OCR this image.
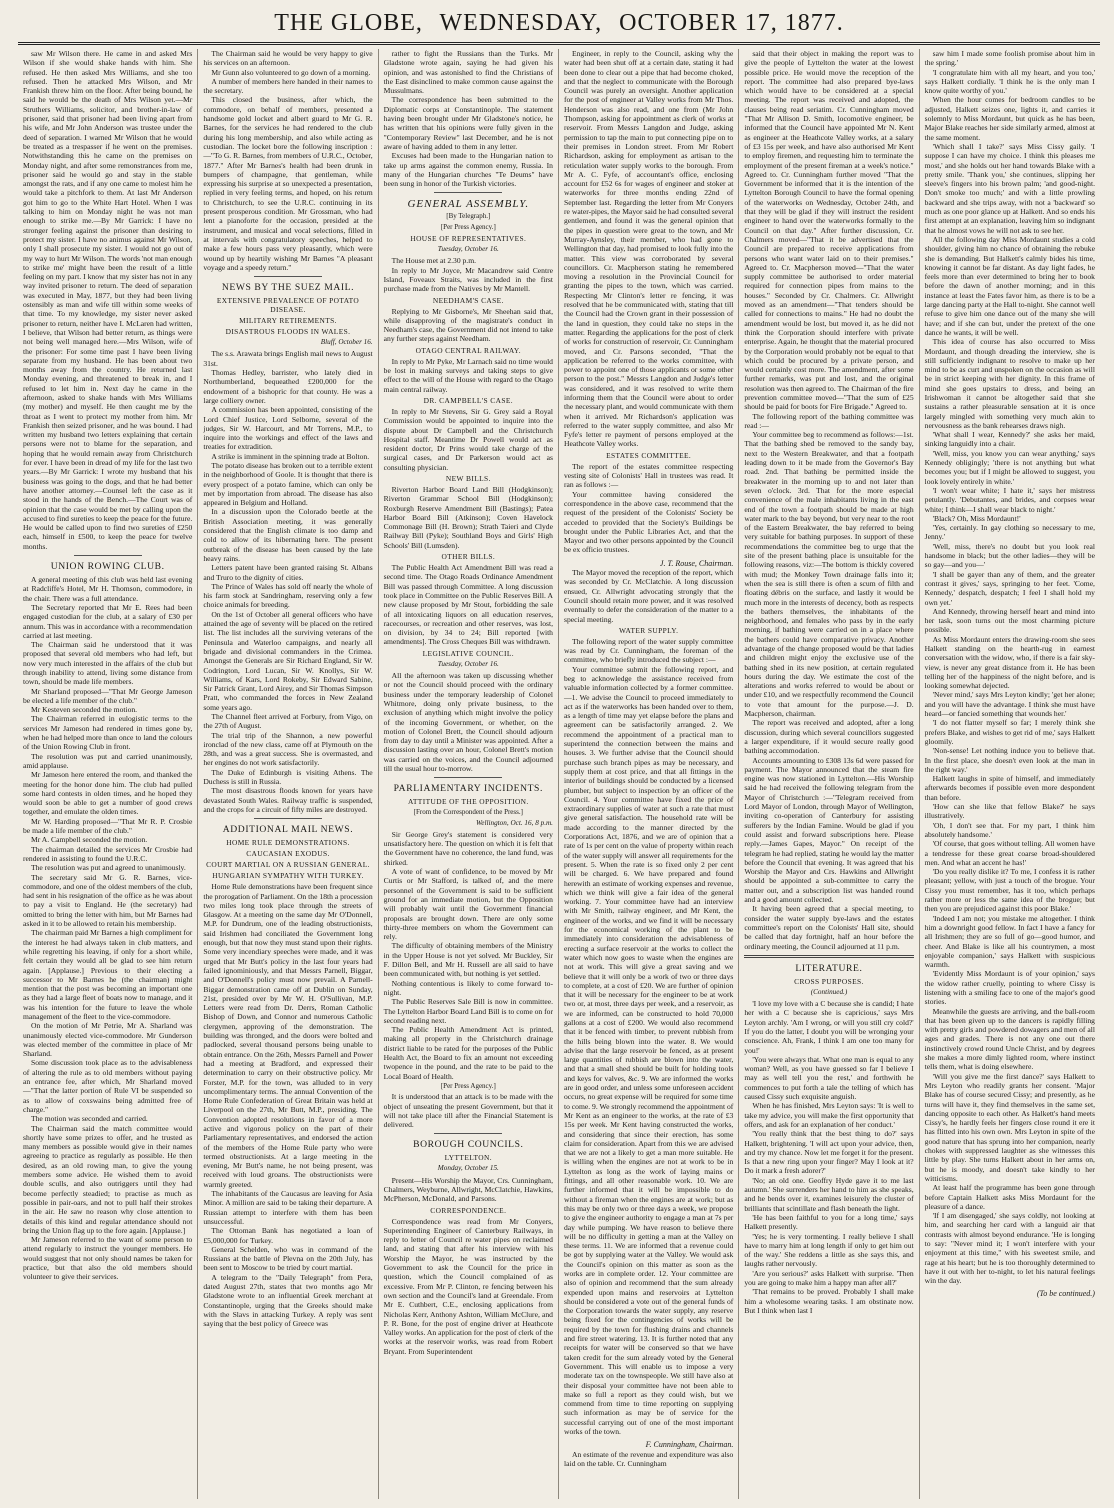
THE GLOBE, WEDNESDAY, OCTOBER 17, 1877.

saw Mr Wilson there. He came in and asked Mrs Wilson if she would shake hands with him. She refused. He then asked Mrs Williams, and she too refused. Then he attacked Mrs Wilson, and Mr Frankish threw him on the floor. After being bound, he said he would be the death of Mrs Wilson yet.—Mr Struthers Williams, solicitor, and brother-in-law of prisoner, said that prisoner had been living apart from his wife, and Mr John Anderson was trustee under the deed of separation. I warned Mr Wilson that he would be treated as a trespasser if he went on the premises. Notwithstanding this he came on the premises on Monday night, and after some remonstrances from me, prisoner said he would go and stay in the stable amongst the rats, and if any one came to molest him he would take a pitchfork to them. At last Mr Anderson got him to go to the White Hart Hotel. When I was talking to him on Monday night he was not man enough to strike me.—By Mr Garrick: I have no stronger feeling against the prisoner than desiring to protect my sister. I have no animus against Mr Wilson, only I shall prosecute my sister. I would not go out of my way to hurt Mr Wilson. The words 'not man enough to strike me' might have been the result of a little feeling on my part. I know that my sister has not in any way invited prisoner to return. The deed of separation was executed in May, 1877, but they had been living ostensibly as man and wife till within some weeks of that time. To my knowledge, my sister never asked prisoner to return, neither have I. McLaren had written, I believe, that Wilson had better return, as things were not being well managed here.—Mrs Wilson, wife of the prisoner: For some time past I have been living separate from my husband. He has been about two months away from the country. He returned last Monday evening, and threatened to break in, and I refused to let him in. Next day he came in the afternoon, asked to shake hands with Mrs Williams (my mother) and myself. He then caught me by the throat as I went to protect my mother from him. Mr Frankish then seized prisoner, and he was bound. I had written my husband two letters explaining that certain persons were not to blame for the separation, and hoping that he would remain away from Christchurch for ever. I have been in dread of my life for the last two years.—By Mr Garrick: I wrote my husband that his business was going to the dogs, and that he had better have another attorney.—Counsel left the case as it stood in the hands of the Bench.—The Court was of opinion that the case would be met by calling upon the accused to find sureties to keep the peace for the future. He would be called upon to find two sureties of £250 each, himself in £500, to keep the peace for twelve months.

UNION ROWING CLUB.

A general meeting of this club was held last evening at Radcliffe's Hotel, Mr H. Thomson, commodore, in the chair. There was a full attendance.

The Secretary reported that Mr E. Rees had been engaged custodian for the club, at a salary of £30 per annum. This was in accordance with a recommendation carried at last meeting.

The Chairman said he understood that it was proposed that several old members who had left, but now very much interested in the affairs of the club but through inability to attend, living some distance from town, should be made life members.

Mr Sharland proposed—"That Mr George Jameson be elected a life member of the club."

Mr Kesteven seconded the motion.

The Chairman referred in eulogistic terms to the services Mr Jameson had rendered in times gone by, when he had helped more than once to land the colours of the Union Rowing Club in front.

The resolution was put and carried unanimously, amid applause.

Mr Jameson here entered the room, and thanked the meeting for the honor done him. The club had pulled some hard contests in olden times, and he hoped they would soon be able to get a number of good crews together, and emulate the olden times.

Mr W. Harding proposed—"That Mr R. P. Crosbie be made a life member of the club."

Mr A. Campbell seconded the motion.

The chairman detailed the services Mr Crosbie had rendered in assisting to found the U.R.C.

The resolution was put and agreed to unanimously.

The secretary said Mr G. R. Barnes, vice-commodore, and one of the oldest members of the club, had sent in his resignation of the office as he was about to pay a visit to England. He (the secretary) had omitted to bring the letter with him, but Mr Barnes had asked in it to be allowed to retain his membership.

The chairman paid Mr Barnes a high compliment for the interest he had always taken in club matters, and while regretting his leaving, if only for a short while, felt certain they would all be glad to see him return again. [Applause.] Previous to their electing a successor to Mr Barnes he (the chairman) might mention that the post was becoming an important one as they had a large fleet of boats now to manage, and it was his intention for the future to leave the whole management of the fleet to the vice-commodore.

On the motion of Mr Petrie, Mr A. Sharland was unanimously elected vice-commodore. Mr Gunderson was elected member of the committee in place of Mr Sharland.

Some discussion took place as to the advisableness of altering the rule as to old members without paying an entrance fee, after which, Mr Sharland moved—"That the latter portion of Rule VI be suspended so as to allow of coxswains being admitted free of charge."

The motion was seconded and carried.

The Chairman said the match committee would shortly have some prizes to offer, and he trusted as many members as possible would give in their names agreeing to practice as regularly as possible. He then desired, as an old rowing man, to give the young members some advice. He wished them to avoid double sculls, and also outriggers until they had become perfectly steadied; to practise as much as possible in pair-oars, and not to pull half their strokes in the air. He saw no reason why close attention to details of this kind and regular attendance should not bring the Union flag up to the fore again. [Applause.]

Mr Jameson referred to the want of some person to attend regularly to instruct the younger members. He would suggest that not only should names be taken for practice, but that also the old members should volunteer to give their services.

The Chairman said he would be very happy to give his services on an afternoon.

Mr Gunn also volunteered to go down of a morning.

A number of members here handed in their names to the secretary.

This closed the business, after which, the commodore, on behalf of members, presented a handsome gold locket and albert guard to Mr G. R. Barnes, for the services he had rendered to the club during his long membership, and also while acting as custodian. The locket bore the following inscription :—"To G. R. Barnes, from members of U.R.C., October, 1877." After Mr Barnes's health had been drunk in bumpers of champagne, that gentleman, while expressing his surprise at so unexpected a presentation, replied in very feeling terms, and hoped, on his return to Christchurch, to see the U.R.C. continuing in its present prosperous condition. Mr Grossman, who had lent a pianoforte for the occasion, presided at the instrument, and musical and vocal selections, filled in at intervals with congratulatory speeches, helped to make a few hours pass very pleasantly, which were wound up by heartily wishing Mr Barnes "A pleasant voyage and a speedy return."

NEWS BY THE SUEZ MAIL.
EXTENSIVE PREVALENCE OF POTATO DISEASE.
MILITARY RETIREMENTS.
DISASTROUS FLOODS IN WALES.
Bluff, October 16.

The s.s. Arawata brings English mail news to August 31st.

Thomas Hedley, barrister, who lately died in Northumberland, bequeathed £200,000 for the endowment of a bishopric for that county. He was a large colliery owner.

A commission has been appointed, consisting of the Lord Chief Justice, Lord Selborne, several of the judges, Sir W. Harcourt, and Mr Torrens, M.P., to inquire into the workings and effect of the laws and treaties for extradition.

A strike is imminent in the spinning trade at Bolton.

The potato disease has broken out to a terrible extent in the neighborhood of Goole. It is thought that there is every prospect of a potato famine, which can only be met by importation from abroad. The disease has also appeared in Belgium and Holland.

In a discussion upon the Colorado beetle at the British Association meeting, it was generally considered that the English climate is too damp and cold to allow of its hibernating here. The present outbreak of the disease has been caused by the late heavy rains.

Letters patent have been granted raising St. Albans and Truro to the dignity of cities.

The Prince of Wales has sold off nearly the whole of his farm stock at Sandringham, reserving only a few choice animals for breeding.

On the 1st of October all general officers who have attained the age of seventy will be placed on the retired list. The list includes all the surviving veterans of the Peninsula and Waterloo campaigns, and nearly all brigade and divisional commanders in the Crimea. Amongst the Generals are Sir Richard England, Sir W. Codrington, Lord Lucan, Sir W. Knollys, Sir W. Williams, of Kars, Lord Rokeby, Sir Edward Sabine, Sir Patrick Grant, Lord Airey, and Sir Thomas Simpson Pratt, who commanded the forces in New Zealand some years ago.

The Channel fleet arrived at Forbury, from Vigo, on the 27th of August.

The trial trip of the Shannon, a new powerful ironclad of the new class, came off at Plymouth on the 28th, and was a great success. She is overmasted, and her engines do not work satisfactorily.

The Duke of Edinburgh is visiting Athens. The Duchess is still in Russia.

The most disastrous floods known for years have devastated South Wales. Railway traffic is suspended, and the crops for a circuit of fifty miles are destroyed.

ADDITIONAL MAIL NEWS.
HOME RULE DEMONSTRATIONS.
CAUCASIAN EXODUS.
COURT MARTIAL ON A RUSSIAN GENERAL.
HUNGARIAN SYMPATHY WITH TURKEY.

Home Rule demonstrations have been frequent since the prorogation of Parliament. On the 18th a procession two miles long took place through the streets of Glasgow. At a meeting on the same day Mr O'Donnell, M.P. for Dundrum, one of the leading obstructionists, said Irishmen had conciliated the Government long enough, but that now they must stand upon their rights. Some very incendiary speeches were made, and it was urged that Mr Butt's policy in the last four years had failed ignominiously, and that Messrs Parnell, Biggar, and O'Donnell's policy must now prevail. A Parnell-Biggar demonstration came off at Dublin on Sunday, 21st, presided over by Mr W. H. O'Sullivan, M.P. Letters were read from Dr. Derrs, Roman Catholic Bishop of Down, and Connor and numerous Catholic clergymen, approving of the demonstration. The building was thronged, and the doors were bolted and padlocked, several thousand persons being unable to obtain entrance. On the 26th, Messrs Parnell and Power had a meeting at Bradford, and expressed their determination to carry on their obstructive policy. Mr Forster, M.P. for the town, was alluded to in very uncomplimentary terms. The annual Convention of the Home Rule Confederation of Great Britain was held at Liverpool on the 27th, Mr Butt, M.P., presiding. The Convention adopted resolutions in favor of a more active and vigorous policy on the part of their Parliamentary representatives, and endorsed the action of the members of the Home Rule party who were termed obstructionists. At a large meeting in the evening, Mr Butt's name, he not being present, was received with loud groans. The obstructionists were warmly greeted.

The inhabitants of the Caucasus are leaving for Asia Minor. A million are said to be taking their departure. A Russian attempt to interfere with them has been unsuccessful.

The Ottoman Bank has negotiated a loan of £5,000,000 for Turkey.

General Schelden, who was in command of the Russians at the battle of Plevna on the 20th July, has been sent to Moscow to be tried by court martial.

A telegram to the "Daily Telegraph" from Pera, dated August 27th, states that two months ago Mr Gladstone wrote to an influential Greek merchant at Constantinople, urging that the Greeks should make with the Slavs in attacking Turkey. A reply was sent saying that the best policy of Greece was

rather to fight the Russians than the Turks. Mr Gladstone wrote again, saying he had given his opinion, and was astonished to find the Christians of the East disinclined to make common cause against the Mussulmans.

The correspondence has been submitted to the Diplomatic corps at Constantinople. The statement having been brought under Mr Gladstone's notice, he has written that his opinions were fully given in the "Contemporary Review" last December, and he is not aware of having added to them in any letter.

Excuses had been made to the Hungarian nation to take up arms against the common enemy, Russia. In many of the Hungarian churches "Te Deums" have been sung in honor of the Turkish victories.

GENERAL ASSEMBLY.
[By Telegraph.]
[Per Press Agency.]
HOUSE OF REPRESENTATIVES.
Tuesday, October 16.

The House met at 2.30 p.m.

In reply to Mr Joyce, Mr Macandrew said Centre Island, Foveaux Straits, was included in the first purchase made from the Natives by Mr Mantell.

NEEDHAM'S CASE.

Replying to Mr Gisborne's, Mr Sheehan said that, while disapproving of the magistrate's conduct in Needham's case, the Government did not intend to take any further steps against Needham.

OTAGO CENTRAL RAILWAY.

In reply to Mr Pyke, Mr Larnach said no time would be lost in making surveys and taking steps to give effect to the will of the House with regard to the Otago main central railway.

DR. CAMPBELL'S CASE.

In reply to Mr Stevens, Sir G. Grey said a Royal Commission would be appointed to inquire into the dispute about Dr Campbell and the Christchurch Hospital staff. Meantime Dr Powell would act as resident doctor, Dr Prins would take charge of the surgical cases, and Dr Parkerson would act as consulting physician.

NEW BILLS.

Riverton Harbor Board Land Bill (Hodgkinson); Riverton Grammar School Bill (Hodgkinson); Roxburgh Reserve Amendment Bill (Bastings); Patea Harbor Board Bill (Atkinson); Coven Havelock Commonage Bill (H. Brown); Strath Taieri and Clyde Railway Bill (Pyke); Southland Boys and Girls' High Schools' Bill (Lumsden).

OTHER BILLS.

The Public Health Act Amendment Bill was read a second time. The Otago Roads Ordinance Amendment Bill was passed through Committee. A long discussion took place in Committee on the Public Reserves Bill. A new clause proposed by Mr Stout, forbidding the sale of all intoxicating liquors on all education reserves, racecourses, or recreation and other reserves, was lost, on division, by 34 to 24; Bill reported [with amendments]. The Cross Cheques Bill was withdrawn.

LEGISLATIVE COUNCIL.
Tuesday, October 16.

All the afternoon was taken up discussing whether or not the Council should proceed with the ordinary business under the temporary leadership of Colonel Whitmore, doing only private business, to the exclusion of anything which might involve the policy of the incoming Government, or whether, on the motion of Colonel Brett, the Council should adjourn from day to day until a Minister was appointed. After a discussion lasting over an hour, Colonel Brett's motion was carried on the voices, and the Council adjourned till the usual hour to-morrow.

PARLIAMENTARY INCIDENTS.
ATTITUDE OF THE OPPOSITION.
[From the Correspondent of the Press.]
Wellington, Oct. 16, 8 p.m.

Sir George Grey's statement is considered very unsatisfactory here. The question on which it is felt that the Government have no coherence, the land fund, was shirked.

A vote of want of confidence, to be moved by Mr Curtis or Mr Stafford, is talked of, and the mere personnel of the Government is said to be sufficient ground for an immediate motion, but the Opposition will probably wait until the Government financial proposals are brought down. There are only some thirty-three members on whom the Government can rely.

The difficulty of obtaining members of the Ministry in the Upper House is not yet solved. Mr Buckley, Sir F. Dillon Bell, and Mr H. Russell are all said to have been communicated with, but nothing is yet settled.

Nothing contentious is likely to come forward to-night.

The Public Reserves Sale Bill is now in committee. The Lyttelton Harbor Board Land Bill is to come on for second reading next.

The Public Health Amendment Act is printed, making all property in the Christchurch drainage district liable to be rated for the purposes of the Public Health Act, the Board to fix an amount not exceeding twopence in the pound, and the rate to be paid to the Local Board of Health.

[Per Press Agency.]

It is understood that an attack is to be made with the object of unseating the present Government, but that it will not take place till after the Financial Statement is delivered.

BOROUGH COUNCILS.
LYTTELTON.
Monday, October 15.

Present—His Worship the Mayor, Crs. Cunningham, Chalmers, Weyburne, Allwright, McClatchie, Hawkins, McPherson, McDonald, and Parsons.

CORRESPONDENCE.

Correspondence was read from Mr Conyers, Superintending Engineer of Canterbury Railways, in reply to letter of Council re water pipes on reclaimed land, and stating that after his interview with his Worship the Mayor, he was instructed by the Government to ask the Council for the price in question, which the Council complained of as excessive. From Mr P. Clinton, re fencing between his own section and the Council's land at Greendale. From Mr E. Cuthbert, C.E., enclosing applications from Nicholas Kerr, Anthony Ashton, William McClure, and P. R. Bone, for the post of engine driver at Heathcote Valley works. An application for the post of clerk of the works at the reservoir works, was read from Robert Bryant. From Superintendent

Engineer, in reply to the Council, asking why the water had been shut off at a certain date, stating it had been done to clear out a pipe that had become choked, and that the neglect to communicate with the Borough Council was purely an oversight. Another application for the post of engineer at Valley works from Mr Thos. Henderson was also read, and one from (Mr John Thompson, asking for appointment as clerk of works at reservoir. From Messrs Langdon and Judge, asking permission to tap the main to put connecting pipe on to their premises in London street. From Mr Robert Richardson, asking for employment as artisan to the reticulation water supply works to the borough. From Mr A. C. Fyfe, of accountant's office, enclosing account for £52 6s for wages of engineer and stoker at waterworks for three months ending 22nd of September last. Regarding the letter from Mr Conyers re water-pipes, the Mayor said he had consulted several gentlemen, and found it was the general opinion that the pipes in question were great to the town, and Mr Murray-Aynsley, their member, who had gone to Wellington that day, had promised to look fully into the matter. This view was corroborated by several councillors. Cr. Macpherson stating he remembered moving a resolution in the Provincial Council for granting the pipes to the town, which was carried. Respecting Mr Clinton's letter re fencing, it was resolved that he be communicated with, stating that till the Council had the Crown grant in their possession of the land in question, they could take no steps in the matter. Regarding the applications for the post of clerk of works for construction of reservoir, Cr. Cunningham moved, and Cr. Parsons seconded, "That the application be referred to the works committee, with power to appoint one of those applicants or some other person to the post." Messrs Langdon and Judge's letter was considered, and it was resolved to write them informing them that the Council were about to order the necessary plant, and would communicate with them when it arrived. Mr Richardson's application was referred to the water supply committee, and also Mr Fyfe's letter re payment of persons employed at the Heathcote Valley works.

ESTATES COMMITTEE.

The report of the estates committee respecting vesting site of Colonists' Hall in trustees was read. It ran as follows :—

Your committee having considered the correspondence in the above case, recommend that the request of the president of the Colonists' Society be acceded to provided that the Society's Buildings be brought under the Public Libraries Act, and that the Mayor and two other persons appointed by the Council be ex officio trustees.

J. T. Rouse, Chairman.

The Mayor moved the reception of the report, which was seconded by Cr. McClatchie. A long discussion ensued, Cr. Allwright advocating strongly that the Council should retain more power, and it was resolved eventually to defer the consideration of the matter to a special meeting.

WATER SUPPLY.

The following report of the water supply committee was read by Cr. Cunningham, the foreman of the committee, who briefly introduced the subject :—

Your committee submit the following report, and beg to acknowledge the assistance received from valuable information collected by a former committee.—1. We advise the Council to proceed immediately to act as if the waterworks has been handed over to them, as a length of time may yet elapse before the plans and agreement can be satisfactorily arranged. 2. We recommend the appointment of a practical man to superintend the connection between the mains and houses. 3. We further advise that the Council should purchase such branch pipes as may be necessary, and supply them at cost price, and that all fittings in the interior of buildings should be conducted by a licensed plumber, but subject to inspection by an officer of the Council. 4. Your committee have fixed the price of extraordinary supplies of water at such a rate that must give general satisfaction. The household rate will be made according to the manner directed by the Corporations Act, 1876, and we are of opinion that a rate of 1s per cent on the value of property within reach of the water supply will answer all requirements for the present. 5. When the rate is so fixed only 2 per cent will be charged. 6. We have prepared and found herewith an estimate of working expenses and revenue, which we think will give a fair idea of the general working. 7. Your committee have had an interview with Mr Smith, railway engineer, and Mr Kent, the engineer of the works, and we find it will be necessary for the economical working of the plant to be immediately into consideration the advisableness of erecting a surface reservoir at the works to collect the water which now goes to waste when the engines are not at work. This will give a great saving and we believe that it will only be a work of two or three days to complete, at a cost of £20. We are further of opinion that it will be necessary for the engineer to be at work two or, at most, three days per week, and a reservoir, as we are informed, can be constructed to hold 70,000 gallons at a cost of £200. We would also recommend that it be fenced with timber, to prevent rubbish from the hills being blown into the water. 8. We would advise that the large reservoir be fenced, as at present large quantities of rubbish are blown into the water, and that a small shed should be built for holding tools and keys for valves, &c. 9. We are informed the works are in good order, and unless some unforeseen accident occurs, no great expense will be required for some time to come. 9. We strongly recommend the appointment of Mr Kent as an engineer to the works, at the rate of £3 15s per week. Mr Kent having constructed the works, and considering that since their erection, has some claim for consideration. Apart from this we are advised that we are not a likely to get a man more suitable. He is willing when the engines are not at work to be in Lyttelton as long as the work of laying mains or fittings, and all other reasonable work. 10. We are further informed that it will be impossible to do without a fireman when the engines are at work; but as this may be only two or three days a week, we propose to give the engineer authority to engage a man at 7s per day while pumping. We have reason to believe there will be no difficulty in getting a man at the Valley on these terms. 11. We are informed that a revenue could be got by supplying water at the Valley. We would ask the Council's opinion on this matter as soon as the works are in complete order. 12. Your committee are also of opinion and recommend that the sum already expended upon mains and reservoirs at Lyttelton should be considered a vote out of the general funds of the Corporation towards the water supply, any reserve being fixed for the contingencies of works will be required by the town for flushing drains and channels and fire street watering. 13. It is further noted that any receipts for water will be conserved so that we have taken credit for the sum already voted by the General Government. This will enable us to impose a very moderate tax on the townspeople. We still have also at their disposal your committee have not been able to make so full a report as they could wish, but we commend from time to time reporting on supplying such information as may be of service for the successful carrying out of one of the most important works of the town.

F. Cunningham, Chairman.

An estimate of the revenue and expenditure was also laid on the table. Cr. Cunningham

said that their object in making the report was to give the people of Lyttelton the water at the lowest possible price. He would move the reception of the report. The committee had also prepared bye-laws which would have to be considered at a special meeting. The report was received and adopted, the clauses being read seriatim. Cr. Cunningham moved "That Mr Allison D. Smith, locomotive engineer, be informed that the Council have appointed Mr N. Kent as engineer at the Heathcote Valley works, at a salary of £3 15s per week, and have also authorised Mr Kent to employ firemen, and requesting him to terminate the employment of the present fireman at a week's notice." Agreed to. Cr. Cunningham further moved "That the Government be informed that it is the intention of the Lyttelton Borough Council to have the formal opening of the waterworks on Wednesday, October 24th, and that they will be glad if they will instruct the resident engineer to hand over the waterworks formally to the Council on that day." After further discussion, Cr. Chalmers moved—"That it be advertised that the Council are prepared to receive applications from persons who want water laid on to their premises." Agreed to. Cr. Macpherson moved—"That the water supply committee be authorised to order material required for connection pipes from mains to the houses." Seconded by Cr. Chalmers. Cr. Allwright moved as an amendment—"That tenders should be called for connections to mains." He had no doubt the amendment would be lost, but moved it, as he did not think the Corporation should interfere with private enterprise. Again, he thought that the material procured by the Corporation would probably not be equal to that which could be procured by a private person, and would certainly cost more. The amendment, after some further remarks, was put and lost, and the original resolution was then agreed to. The Chairman of the fire prevention committee moved—"That the sum of £25 should be paid for boots for Fire Brigade." Agreed to.

The following report of the bathing committee was read :—

Your committee beg to recommend as follows:—1st. That the bathing shed be removed to the sandy bay, next to the Western Breakwater, and that a footpath leading down to it be made from the Governor's Bay road. 2nd. That bathing be permitted inside the breakwater in the morning up to and not later than seven o'clock. 3rd. That for the more especial convenience of the male inhabitants living in the east end of the town a footpath should be made at high water mark to the bay beyond, but very near to the root of the Eastern Breakwater, the bay referred to being very suitable for bathing purposes. In support of these recommendations the committee beg to urge that the site of the present bathing place is unsuitable for the following reasons, viz:—The bottom is thickly covered with mud; the Monkey Town drainage falls into it; when the sea is still there is often a scum of filth and floating débris on the surface, and lastly it would be much more in the interests of decency, both as respects the bathers themselves, the inhabitants of the neighborhood, and females who pass by in the early morning, if bathing were carried on in a place where the bathers could have comparative privacy. Another advantage of the change proposed would be that ladies and children might enjoy the exclusive use of the bathing shed in its new position, at certain regulated hours during the day. We estimate the cost of the alterations and works referred to would be about or under £10, and we respectfully recommend the Council to vote that amount for the purpose.—J. D. Macpherson, chairman.

The report was received and adopted, after a long discussion, during which several councillors suggested a larger expenditure, if it would secure really good bathing accommodation.

Accounts amounting to £308 13s 6d were passed for payment. The Mayor announced that the steam fire engine was now stationed in Lyttelton.—His Worship said he had received the following telegram from the Mayor of Christchurch :—"Telegram received from Lord Mayor of London, through Mayor of Wellington, inviting co-operation of Canterbury for assisting sufferers by the Indian Famine. Would be glad if you could assist and forward subscriptions here. Please reply.—James Gapes, Mayor." On receipt of the telegram he had replied, stating he would lay the matter before the Council that evening. It was agreed that his Worship the Mayor and Crs. Hawkins and Allwright should be appointed a sub-committee to carry the matter out, and a subscription list was handed round and a good amount collected.

It having been agreed that a special meeting, to consider the water supply bye-laws and the estates committee's report on the Colonists' Hall site, should be called that day fortnight, half an hour before the ordinary meeting, the Council adjourned at 11 p.m.

LITERATURE.
CROSS PURPOSES.
(Continued.)

'I love my love with a C because she is candid; I hate her with a C because she is capricious,' says Mrs Leyton archly. 'Am I wrong, or will you still cry cold?' If you do the latter, I doubt you will be wronging your conscience. Ah, Frank, I think I am one too many for you!'

'You were always that. What one man is equal to any woman? Well, as you have guessed so far I believe I may as well tell you the rest,' and forthwith he commences to put forth a tale the telling of which has caused Cissy such exquisite anguish.

When he has finished, Mrs Leyton says: 'It is well to take my advice, you will make the first opportunity that offers, and ask for an explanation of her conduct.'

'You really think that the best thing to do?' says Halkett, brightening. 'I will act upon your advice, then, and try my chance. Now let me forget it for the present. Is that a new ring upon your finger? May I look at it? Do it mark a fresh adorer?'

'No; an old one. Geoffry Hyde gave it to me last autumn.' She surrenders her hand to him as she speaks, and he bends over it, examines leisurely the cluster of brilliants that scintillate and flash beneath the light.

'He has been faithful to you for a long time,' says Halkett presently.

'Yes; he is very tormenting. I really believe I shall have to marry him at long length if only to get him out of the way.' She reddens a little as she says this, and laughs rather nervously.

'Are you serious?' asks Halkett with surprise. 'Then you are going to make him a happy man after all?'

'That remains to be proved. Probably I shall make him a wholesome wearing tasks. I am obstinate now. But I think when last I

saw him I made some foolish promise about him in the spring.'

'I congratulate him with all my heart, and you too,' says Halkett cordially. 'I think he is the only man I know quite worthy of you.'

When the hour comes for bedroom candles to be adjusted, Halkett seizes one, lights it, and carries it solemnly to Miss Mordaunt, but quick as he has been, Major Blake reaches her side similarly armed, almost at the same moment.

'Which shall I take?' says Miss Cissy gaily. 'I suppose I can have my choice. I think this pleases me most,' and she holds out her hand towards Blake with a pretty smile. 'Thank you,' she continues, slipping her sleeve's fingers into his brown palm; 'and good-night. Don't smoke too much;' and with a little prowling backward and she trips away, with not a 'backward' so much as one poor glance up at Halkett. And so ends his first attempt at an explanation, leaving him so indignant that he almost vows he will not ask to see her.

All the following day Miss Mordaunt studies a cold shoulder, giving him no chance of obtaining the rebuke she is demanding. But Halkett's calmly bides his time, knowing it cannot be far distant. As day light fades, he feels more than ever determined to bring her to book before the dawn of another morning; and in this instance at least the Fates favor him, as there is to be a large dancing party at the Hall to-night. She cannot well refuse to give him one dance out of the many she will have; and if she can but, under the pretext of the one dance he wants, it will be well.

This idea of course has also occurred to Miss Mordaunt, and though dreading the interview, she is still sufficiently indignant to resolve to make up her mind to be as curt and unspoken on the occasion as will be in strict keeping with her dignity. In this frame of mind she goes upstairs to dress, and being an Irishwoman it cannot be altogether said that she sustains a rather pleasurable sensation at it is once largely mingled with something very much akin to nervousness as the bank rehearses draws nigh.

'What shall I wear, Kennedy?' she asks her maid, sinking languidly into a chair.

'Well, miss, you know you can wear anything,' says Kennedy obligingly; 'there is not anything but what becomes you; but if I might be allowed to suggest, you look lovely entirely in white.'

'I won't wear white; I hate it,' says her mistress petulantly. 'Debutantes, and brides, and corpses wear white; I think—I shall wear black to night.'

'Black? Oh, Miss Mordaunt!'

'Yes, certainly. In gay clothing so necessary to me, Jenny.'

'Well, miss, there's no doubt but you look real handsome in black; but the other ladies—they will be so gay—and you—'

'I shall be gayer than any of them, and the greater contrast it gives,' says, springing to her feet. 'Come, Kennedy,' despatch, despatch; I feel I shall hold my own yet.'

And Kennedy, throwing herself heart and mind into her task, soon turns out the most charming picture possible.

As Miss Mordaunt enters the drawing-room she sees Halkett standing on the hearth-rug in earnest conversation with the widow, who, if there is a fair sky-view, is never any great distance from it. He has been telling her of the happiness of the night before, and is looking somewhat dejected.

'Never mind,' says Mrs Leyton kindly; 'get her alone; and you will have the advantage. I think she must have heard—or fancied something that wounds her.'

'I do not flatter myself so far; I merely think she prefers Blake, and wishes to get rid of me,' says Halkett gloomily.

'Non-sense! Let nothing induce you to believe that. In the first place, she doesn't even look at the man in the right way.'

Halkett laughs in spite of himself, and immediately afterwards becomes if possible even more despondent than before.

'How can she like that fellow Blake?' he says illustratively.

'Oh, I don't see that. For my part, I think him absolutely handsome.'

'Of course, that goes without telling. All women have a tendresse for these great coarse broad-shouldered men. And what an accent he has!'

'Do you really dislike it? To me, I confess it is rather pleasant; yellow, with just a touch of the brogue. Your Cissy you must remember, has it too, which perhaps rather more or less the same idea of the brogue; but then you are prejudiced against this poor Blake.'

'Indeed I am not; you mistake me altogether. I think him a downright good fellow. In fact I have a fancy for all Irishmen; they are so full of go—good humor, and cheer. And Blake is like all his countrymen, a most enjoyable companion,' says Halkett with suspicious warmth.

'Evidently Miss Mordaunt is of your opinion,' says the widow rather cruelly, pointing to where Cissy is listening with a smiling face to one of the major's good stories.

Meanwhile the guests are arriving, and the ball-room that has been given up to the dancers is rapidly filling with pretty girls and powdered dowagers and men of all ages and grades. There is not any one out there instinctively crowd round Uncle Christ, and by degrees she makes a more dimly lighted room, where instinct tells them, what is doing elsewhere.

'Will you give me the first dance?' says Halkett to Mrs Leyton who readily grants her consent. 'Major Blake has of course secured Cissy; and presently, as he turns will have it, they find themselves in the same set, dancing opposite to each other. As Halkett's hand meets Cissy's, he hardly feels her fingers close round it ere it has flitted into his own own. Mrs Leyton in spite of the good nature that has sprung into her companion, nearly chokes with suppressed laughter as she witnesses this little by play. She turns Halkett about in her arms on, but he is moody, and doesn't take kindly to her witticisms.

At least half the programme has been gone through before Captain Halkett asks Miss Mordaunt for the pleasure of a dance.

'If I am disengaged,' she says coldly, not looking at him, and searching her card with a languid air that contrasts with almost beyond endurance. 'He is longing to say: "Never mind it; I won't interfere with your enjoyment at this time," with his sweetest smile, and rage at his heart; but he is too thoroughly determined to have it out with her to-night, to let his natural feelings win the day.

(To be continued.)
